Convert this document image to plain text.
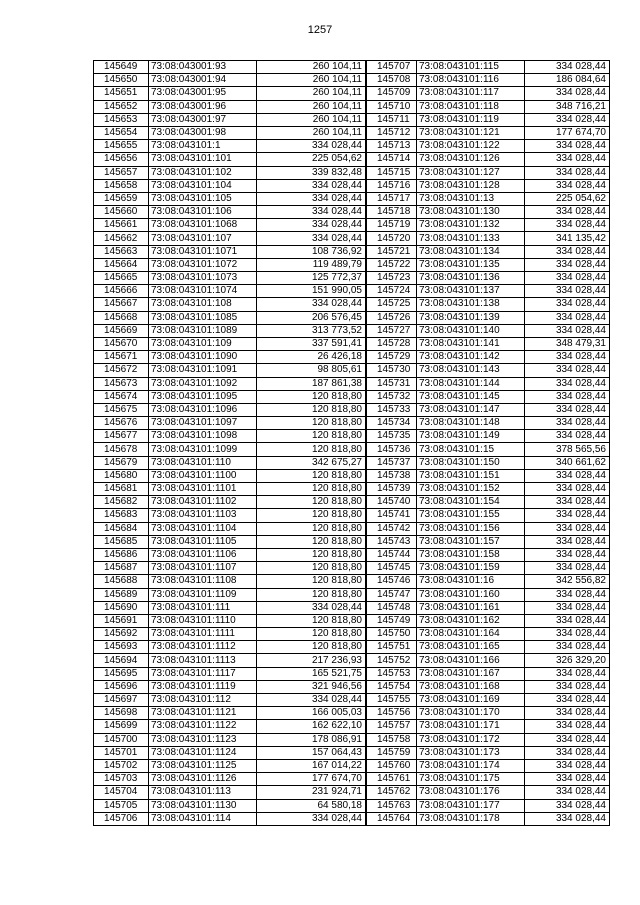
1257
145649	73:08:043001:93	260 104,11
145650	73:08:043001:94	260 104,11
145651	73:08:043001:95	260 104,11
145652	73:08:043001:96	260 104,11
145653	73:08:043001:97	260 104,11
145654	73:08:043001:98	260 104,11
145655	73:08:043101:1	334 028,44
145656	73:08:043101:101	225 054,62
145657	73:08:043101:102	339 832,48
145658	73:08:043101:104	334 028,44
145659	73:08:043101:105	334 028,44
145660	73:08:043101:106	334 028,44
145661	73:08:043101:1068	334 028,44
145662	73:08:043101:107	334 028,44
145663	73:08:043101:1071	108 736,92
145664	73:08:043101:1072	119 489,79
145665	73:08:043101:1073	125 772,37
145666	73:08:043101:1074	151 990,05
145667	73:08:043101:108	334 028,44
145668	73:08:043101:1085	206 576,45
145669	73:08:043101:1089	313 773,52
145670	73:08:043101:109	337 591,41
145671	73:08:043101:1090	26 426,18
145672	73:08:043101:1091	98 805,61
145673	73:08:043101:1092	187 861,38
145674	73:08:043101:1095	120 818,80
145675	73:08:043101:1096	120 818,80
145676	73:08:043101:1097	120 818,80
145677	73:08:043101:1098	120 818,80
145678	73:08:043101:1099	120 818,80
145679	73:08:043101:110	342 675,27
145680	73:08:043101:1100	120 818,80
145681	73:08:043101:1101	120 818,80
145682	73:08:043101:1102	120 818,80
145683	73:08:043101:1103	120 818,80
145684	73:08:043101:1104	120 818,80
145685	73:08:043101:1105	120 818,80
145686	73:08:043101:1106	120 818,80
145687	73:08:043101:1107	120 818,80
145688	73:08:043101:1108	120 818,80
145689	73:08:043101:1109	120 818,80
145690	73:08:043101:111	334 028,44
145691	73:08:043101:1110	120 818,80
145692	73:08:043101:1111	120 818,80
145693	73:08:043101:1112	120 818,80
145694	73:08:043101:1113	217 236,93
145695	73:08:043101:1117	165 521,75
145696	73:08:043101:1119	321 946,56
145697	73:08:043101:112	334 028,44
145698	73:08:043101:1121	166 005,03
145699	73:08:043101:1122	162 622,10
145700	73:08:043101:1123	178 086,91
145701	73:08:043101:1124	157 064,43
145702	73:08:043101:1125	167 014,22
145703	73:08:043101:1126	177 674,70
145704	73:08:043101:113	231 924,71
145705	73:08:043101:1130	64 580,18
145706	73:08:043101:114	334 028,44
145707	73:08:043101:115	334 028,44
145708	73:08:043101:116	186 084,64
145709	73:08:043101:117	334 028,44
145710	73:08:043101:118	348 716,21
145711	73:08:043101:119	334 028,44
145712	73:08:043101:121	177 674,70
145713	73:08:043101:122	334 028,44
145714	73:08:043101:126	334 028,44
145715	73:08:043101:127	334 028,44
145716	73:08:043101:128	334 028,44
145717	73:08:043101:13	225 054,62
145718	73:08:043101:130	334 028,44
145719	73:08:043101:132	334 028,44
145720	73:08:043101:133	341 135,42
145721	73:08:043101:134	334 028,44
145722	73:08:043101:135	334 028,44
145723	73:08:043101:136	334 028,44
145724	73:08:043101:137	334 028,44
145725	73:08:043101:138	334 028,44
145726	73:08:043101:139	334 028,44
145727	73:08:043101:140	334 028,44
145728	73:08:043101:141	348 479,31
145729	73:08:043101:142	334 028,44
145730	73:08:043101:143	334 028,44
145731	73:08:043101:144	334 028,44
145732	73:08:043101:145	334 028,44
145733	73:08:043101:147	334 028,44
145734	73:08:043101:148	334 028,44
145735	73:08:043101:149	334 028,44
145736	73:08:043101:15	378 565,56
145737	73:08:043101:150	340 661,62
145738	73:08:043101:151	334 028,44
145739	73:08:043101:152	334 028,44
145740	73:08:043101:154	334 028,44
145741	73:08:043101:155	334 028,44
145742	73:08:043101:156	334 028,44
145743	73:08:043101:157	334 028,44
145744	73:08:043101:158	334 028,44
145745	73:08:043101:159	334 028,44
145746	73:08:043101:16	342 556,82
145747	73:08:043101:160	334 028,44
145748	73:08:043101:161	334 028,44
145749	73:08:043101:162	334 028,44
145750	73:08:043101:164	334 028,44
145751	73:08:043101:165	334 028,44
145752	73:08:043101:166	326 329,20
145753	73:08:043101:167	334 028,44
145754	73:08:043101:168	334 028,44
145755	73:08:043101:169	334 028,44
145756	73:08:043101:170	334 028,44
145757	73:08:043101:171	334 028,44
145758	73:08:043101:172	334 028,44
145759	73:08:043101:173	334 028,44
145760	73:08:043101:174	334 028,44
145761	73:08:043101:175	334 028,44
145762	73:08:043101:176	334 028,44
145763	73:08:043101:177	334 028,44
145764	73:08:043101:178	334 028,44
